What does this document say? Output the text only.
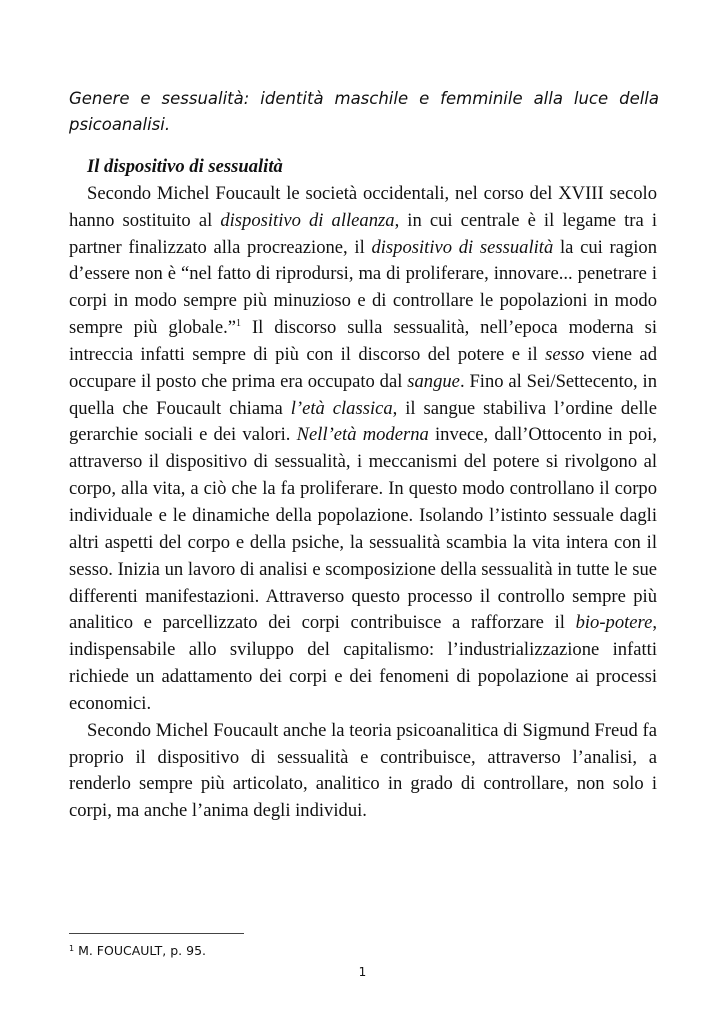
Genere e sessualità: identità maschile e femminile alla luce della psicoanalisi.

Il dispositivo di sessualità

Secondo Michel Foucault le società occidentali, nel corso del XVIII secolo hanno sostituito al dispositivo di alleanza, in cui centrale è il legame tra i partner finalizzato alla procreazione, il dispositivo di sessualità la cui ragion d’essere non è “nel fatto di riprodursi, ma di proliferare, innovare... penetrare i corpi in modo sempre più minuzioso e di controllare le popolazioni in modo sempre più globale.”$^1$ Il discorso sulla sessualità, nell’epoca moderna si intreccia infatti sempre di più con il discorso del potere e il sesso viene ad occupare il posto che prima era occupato dal sangue. Fino al Sei/Settecento, in quella che Foucault chiama l’età classica, il sangue stabiliva l’ordine delle gerarchie sociali e dei valori. Nell’età moderna invece, dall’Ottocento in poi, attraverso il dispositivo di sessualità, i meccanismi del potere si rivolgono al corpo, alla vita, a ciò che la fa proliferare. In questo modo controllano il corpo individuale e le dinamiche della popolazione. Isolando l’istinto sessuale dagli altri aspetti del corpo e della psiche, la sessualità scambia la vita intera con il sesso. Inizia un lavoro di analisi e scomposizione della sessualità in tutte le sue differenti manifestazioni. Attraverso questo processo il controllo sempre più analitico e parcellizzato dei corpi contribuisce a rafforzare il bio-potere, indispensabile allo sviluppo del capitalismo: l’industrializzazione infatti richiede un adattamento dei corpi e dei fenomeni di popolazione ai processi economici.

Secondo Michel Foucault anche la teoria psicoanalitica di Sigmund Freud fa proprio il dispositivo di sessualità e contribuisce, attraverso l’analisi, a renderlo sempre più articolato, analitico in grado di controllare, non solo i corpi, ma anche l’anima degli individui.

$^1$ M. FOUCAULT, p. 95.
1
